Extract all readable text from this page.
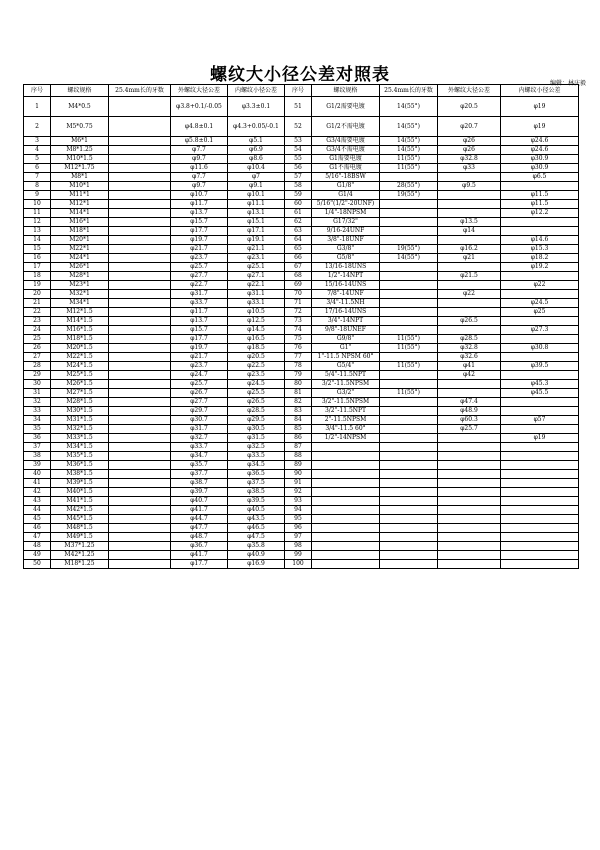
螺纹大小径公差对照表	编辑：林庆毅
序号	螺纹规格	25.4mm长的牙数	外螺纹大径公差	内螺纹小径公差	序号	螺纹规格	25.4mm长的牙数	外螺纹大径公差	内螺纹小径公差
1	M4*0.5		φ3.8+0.1/-0.05	φ3.3±0.1	51	G1/2需要电镀	14(55°)	φ20.5	φ19
2	M5*0.75		φ4.8±0.1	φ4.3+0.05/-0.1	52	G1/2不需电镀	14(55°)	φ20.7	φ19
3	M6*1		φ5.8±0.1	φ5.1	53	G3/4需要电镀	14(55°)	φ26	φ24.6
4	M8*1.25		φ7.7	φ6.9	54	G3/4不需电镀	14(55°)	φ26	φ24.6
5	M10*1.5		φ9.7	φ8.6	55	G1需要电镀	11(55°)	φ32.8	φ30.9
6	M12*1.75		φ11.6	φ10.4	56	G1不需电镀	11(55°)	φ33	φ30.9
7	M8*1		φ7.7	φ7	57	5/16"-18BSW			φ6.5
8	M10*1		φ9.7	φ9.1	58	G1/8"	28(55°)	φ9.5	
9	M11*1		φ10.7	φ10.1	59	G1/4	19(55°)		φ11.5
10	M12*1		φ11.7	φ11.1	60	5/16"(1/2"-20UNF)			φ11.5
11	M14*1		φ13.7	φ13.1	61	1/4"-18NPSM			φ12.2
12	M16*1		φ15.7	φ15.1	62	G17/32"		φ13.5	
13	M18*1		φ17.7	φ17.1	63	9/16-24UNF		φ14	
14	M20*1		φ19.7	φ19.1	64	3/8"-18UNF			φ14.6
15	M22*1		φ21.7	φ21.1	65	G3/8"	19(55°)	φ16.2	φ15.3
16	M24*1		φ23.7	φ23.1	66	G5/8"	14(55°)	φ21	φ18.2
17	M26*1		φ25.7	φ25.1	67	13/16-18UNS			φ19.2
18	M28*1		φ27.7	φ27.1	68	1/2"-14NPT		φ21.5	
19	M23*1		φ22.7	φ22.1	69	15/16-14UNS			φ22
20	M32*1		φ31.7	φ31.1	70	7/8"-14UNF		φ22	
21	M34*1		φ33.7	φ33.1	71	3/4"-11.5NH			φ24.5
22	M12*1.5		φ11.7	φ10.5	72	17/16-14UNS			φ25
23	M14*1.5		φ13.7	φ12.5	73	3/4"-14NPT		φ26.5	
24	M16*1.5		φ15.7	φ14.5	74	9/8"-18UNEF			φ27.3
25	M18*1.5		φ17.7	φ16.5	75	G9/8"	11(55°)	φ28.5	
26	M20*1.5		φ19.7	φ18.5	76	G1"	11(55°)	φ32.8	φ30.8
27	M22*1.5		φ21.7	φ20.5	77	1"-11.5 NPSM 60°		φ32.6	
28	M24*1.5		φ23.7	φ22.5	78	G5/4"	11(55°)	φ41	φ39.5
29	M25*1.5		φ24.7	φ23.5	79	5/4"-11.5NPT		φ42	
30	M26*1.5		φ25.7	φ24.5	80	3/2"-11.5NPSM			φ45.3
31	M27*1.5		φ26.7	φ25.5	81	G3/2"	11(55°)		φ45.5
32	M28*1.5		φ27.7	φ26.5	82	3/2"-11.5NPSM		φ47.4	
33	M30*1.5		φ29.7	φ28.5	83	3/2"-11.5NPT		φ48.9	
34	M31*1.5		φ30.7	φ29.5	84	2"-11.5NPSM		φ60.3	φ57
35	M32*1.5		φ31.7	φ30.5	85	3/4"-11.5 60°		φ25.7	
36	M33*1.5		φ32.7	φ31.5	86	1/2"-14NPSM			φ19
37	M34*1.5		φ33.7	φ32.5	87				
38	M35*1.5		φ34.7	φ33.5	88				
39	M36*1.5		φ35.7	φ34.5	89				
40	M38*1.5		φ37.7	φ36.5	90				
41	M39*1.5		φ38.7	φ37.5	91				
42	M40*1.5		φ39.7	φ38.5	92				
43	M41*1.5		φ40.7	φ39.5	93				
44	M42*1.5		φ41.7	φ40.5	94				
45	M45*1.5		φ44.7	φ43.5	95				
46	M48*1.5		φ47.7	φ46.5	96				
47	M49*1.5		φ48.7	φ47.5	97				
48	M37*1.25		φ36.7	φ35.8	98				
49	M42*1.25		φ41.7	φ40.9	99				
50	M18*1.25		φ17.7	φ16.9	100				
